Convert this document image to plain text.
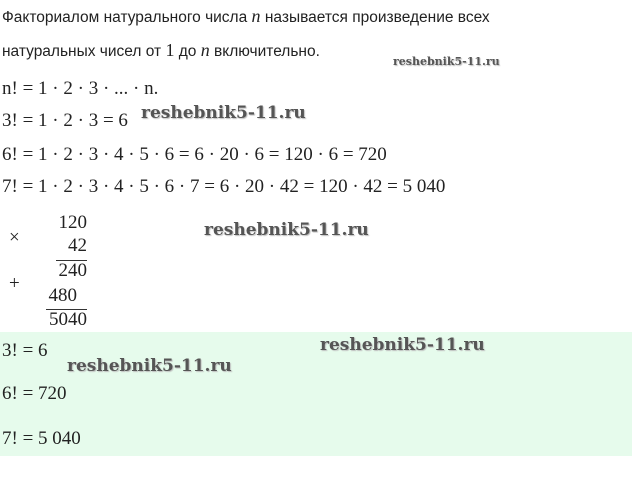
Факториалом натурального числа n называется произведение всех
натуральных чисел от 1 до n включительно.
reshebnik5-11.ru
n! = 1 · 2 · 3 · ... · n.
3! = 1 · 2 · 3 = 6 reshebnik5-11.ru
6! = 1 · 2 · 3 · 4 · 5 · 6 = 6 · 20 · 6 = 120 · 6 = 720
7! = 1 · 2 · 3 · 4 · 5 · 6 · 7 = 6 · 20 · 42 = 120 · 42 = 5 040
×
120
42
240
+
480
5040
reshebnik5-11.ru
3! = 6	reshebnik5-11.ru
reshebnik5-11.ru
6! = 720
7! = 5 040
